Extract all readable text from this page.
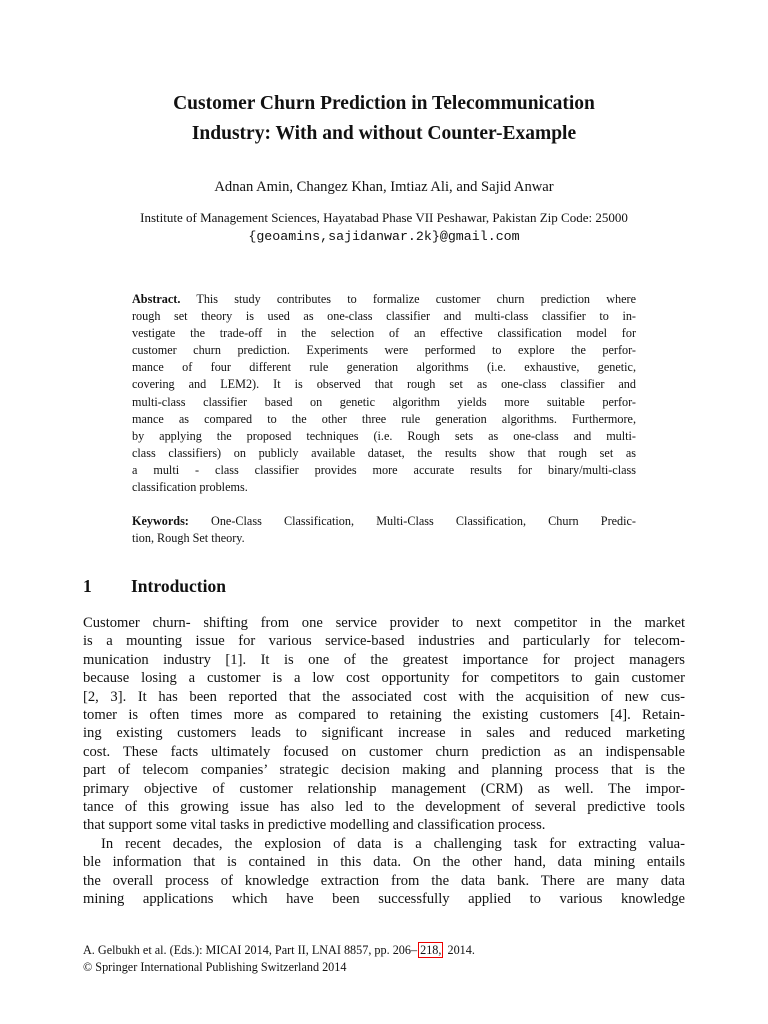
Customer Churn Prediction in Telecommunication
Industry: With and without Counter-Example
Adnan Amin, Changez Khan, Imtiaz Ali, and Sajid Anwar
Institute of Management Sciences, Hayatabad Phase VII Peshawar, Pakistan Zip Code: 25000
{geoamins,sajidanwar.2k}@gmail.com
Abstract. This study contributes to formalize customer churn prediction where
rough set theory is used as one-class classifier and multi-class classifier to in-
vestigate the trade-off in the selection of an effective classification model for
customer churn prediction. Experiments were performed to explore the perfor-
mance of four different rule generation algorithms (i.e. exhaustive, genetic,
covering and LEM2). It is observed that rough set as one-class classifier and
multi-class classifier based on genetic algorithm yields more suitable perfor-
mance as compared to the other three rule generation algorithms. Furthermore,
by applying the proposed techniques (i.e. Rough sets as one-class and multi-
class classifiers) on publicly available dataset, the results show that rough set as
a multi - class classifier provides more accurate results for binary/multi-class
classification problems.
Keywords: One-Class Classification, Multi-Class Classification, Churn Predic-
tion, Rough Set theory.
1 Introduction
Customer churn- shifting from one service provider to next competitor in the market
is a mounting issue for various service-based industries and particularly for telecom-
munication industry [1]. It is one of the greatest importance for project managers
because losing a customer is a low cost opportunity for competitors to gain customer
[2, 3]. It has been reported that the associated cost with the acquisition of new cus-
tomer is often times more as compared to retaining the existing customers [4]. Retain-
ing existing customers leads to significant increase in sales and reduced marketing
cost. These facts ultimately focused on customer churn prediction as an indispensable
part of telecom companies’ strategic decision making and planning process that is the
primary objective of customer relationship management (CRM) as well. The impor-
tance of this growing issue has also led to the development of several predictive tools
that support some vital tasks in predictive modelling and classification process.
In recent decades, the explosion of data is a challenging task for extracting valua-
ble information that is contained in this data. On the other hand, data mining entails
the overall process of knowledge extraction from the data bank. There are many data
mining applications which have been successfully applied to various knowledge
A. Gelbukh et al. (Eds.): MICAI 2014, Part II, LNAI 8857, pp. 206– 218, 2014.
© Springer International Publishing Switzerland 2014
